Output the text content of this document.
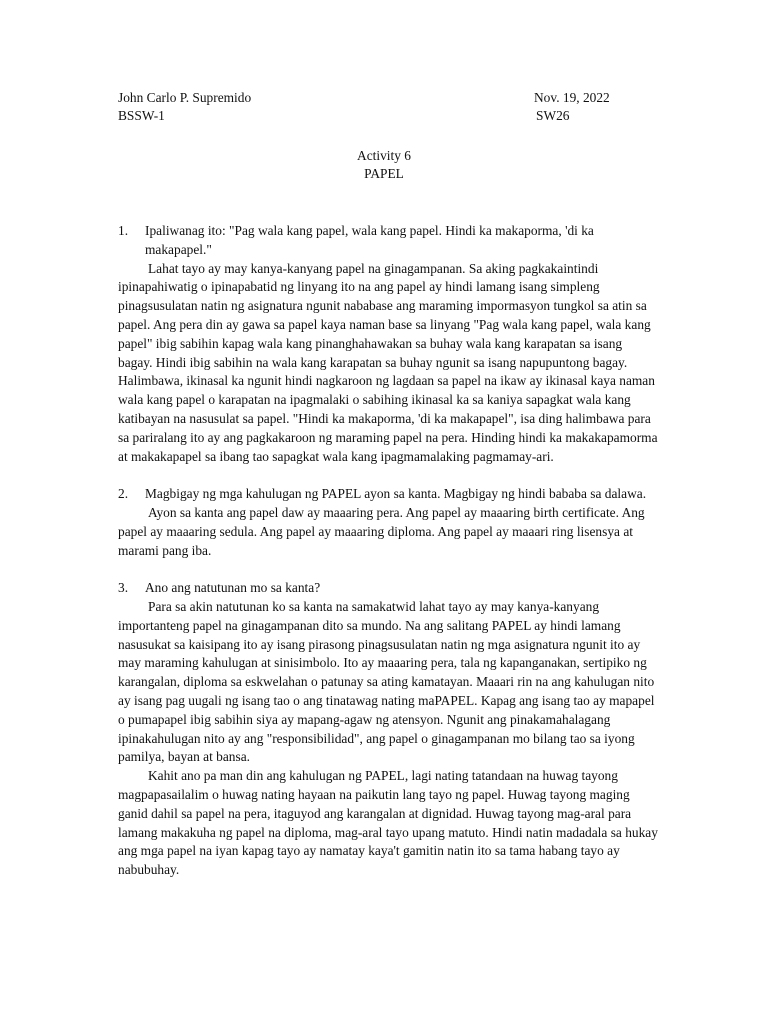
John Carlo P. Supremido	Nov. 19, 2022
BSSW-1	SW26
Activity 6
PAPEL

1. Ipaliwanag ito: "Pag wala kang papel, wala kang papel. Hindi ka makaporma, 'di ka makapapel."

Lahat tayo ay may kanya-kanyang papel na ginagampanan. Sa aking pagkakaintindi ipinapahiwatig o ipinapabatid ng linyang ito na ang papel ay hindi lamang isang simpleng pinagsusulatan natin ng asignatura ngunit nababase ang maraming impormasyon tungkol sa atin sa papel. Ang pera din ay gawa sa papel kaya naman base sa linyang "Pag wala kang papel, wala kang papel" ibig sabihin kapag wala kang pinanghahawakan sa buhay wala kang karapatan sa isang bagay. Hindi ibig sabihin na wala kang karapatan sa buhay ngunit sa isang napupuntong bagay. Halimbawa, ikinasal ka ngunit hindi nagkaroon ng lagdaan sa papel na ikaw ay ikinasal kaya naman wala kang papel o karapatan na ipagmalaki o sabihing ikinasal ka sa kaniya sapagkat wala kang katibayan na nasusulat sa papel. "Hindi ka makaporma, 'di ka makapapel", isa ding halimbawa para sa pariralang ito ay ang pagkakaroon ng maraming papel na pera. Hinding hindi ka makakapamorma at makakapapel sa ibang tao sapagkat wala kang ipagmamalaking pagmamay-ari.

2. Magbigay ng mga kahulugan ng PAPEL ayon sa kanta. Magbigay ng hindi bababa sa dalawa.

Ayon sa kanta ang papel daw ay maaaring pera. Ang papel ay maaaring birth certificate. Ang papel ay maaaring sedula. Ang papel ay maaaring diploma. Ang papel ay maaari ring lisensya at marami pang iba.

3. Ano ang natutunan mo sa kanta?

Para sa akin natutunan ko sa kanta na samakatwid lahat tayo ay may kanya-kanyang importanteng papel na ginagampanan dito sa mundo. Na ang salitang PAPEL ay hindi lamang nasusukat sa kaisipang ito ay isang pirasong pinagsusulatan natin ng mga asignatura ngunit ito ay may maraming kahulugan at sinisimbolo. Ito ay maaaring pera, tala ng kapanganakan, sertipiko ng karangalan, diploma sa eskwelahan o patunay sa ating kamatayan. Maaari rin na ang kahulugan nito ay isang pag uugali ng isang tao o ang tinatawag nating maPAPEL. Kapag ang isang tao ay mapapel o pumapapel ibig sabihin siya ay mapang-agaw ng atensyon. Ngunit ang pinakamahalagang ipinakahulugan nito ay ang "responsibilidad", ang papel o ginagampanan mo bilang tao sa iyong pamilya, bayan at bansa.

Kahit ano pa man din ang kahulugan ng PAPEL, lagi nating tatandaan na huwag tayong magpapasailalim o huwag nating hayaan na paikutin lang tayo ng papel. Huwag tayong maging ganid dahil sa papel na pera, itaguyod ang karangalan at dignidad. Huwag tayong mag-aral para lamang makakuha ng papel na diploma, mag-aral tayo upang matuto. Hindi natin madadala sa hukay ang mga papel na iyan kapag tayo ay namatay kaya't gamitin natin ito sa tama habang tayo ay nabubuhay.
